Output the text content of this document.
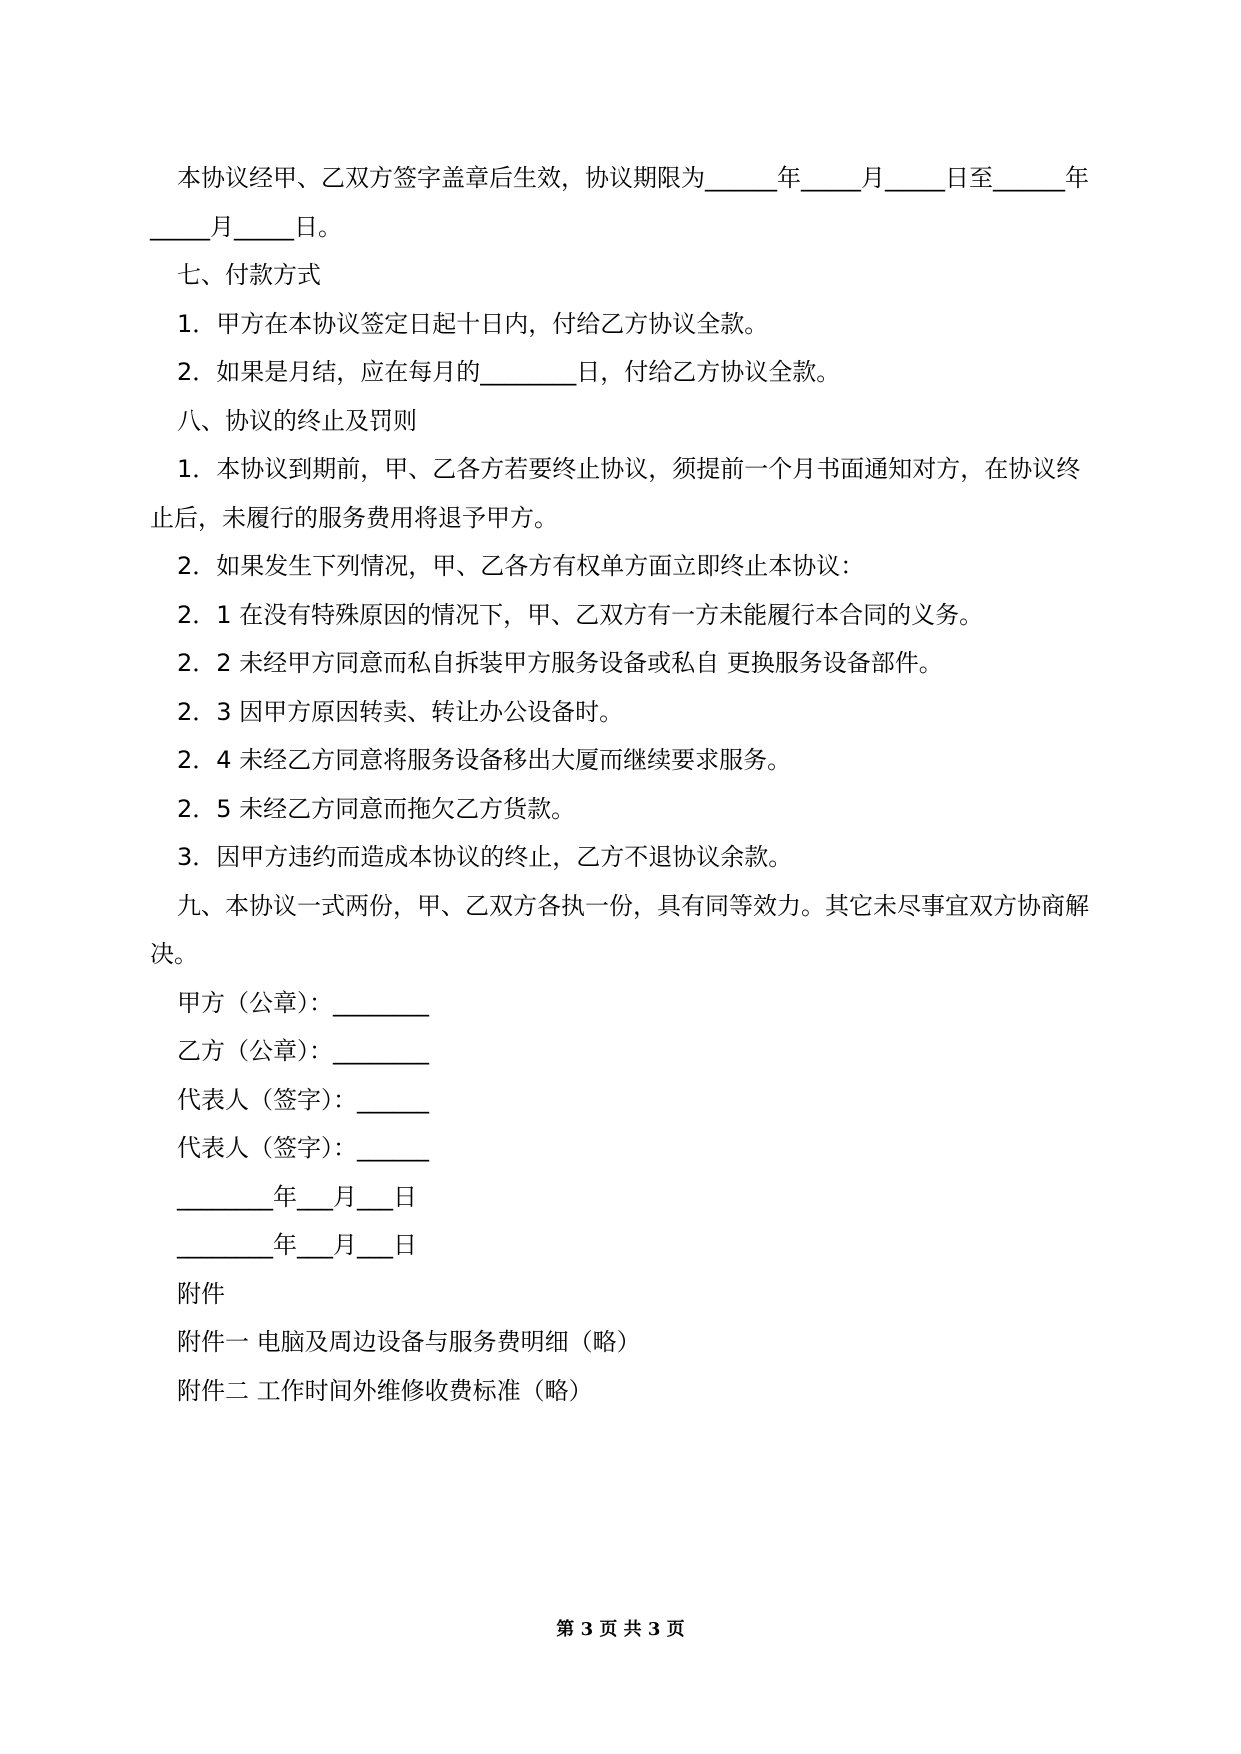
本协议经甲、乙双方签字盖章后生效，协议期限为______年_____月_____日至______年_____月_____日。

七、付款方式

1．甲方在本协议签定日起十日内，付给乙方协议全款。

2．如果是月结，应在每月的________日，付给乙方协议全款。

八、协议的终止及罚则

1．本协议到期前，甲、乙各方若要终止协议，须提前一个月书面通知对方，在协议终止后，未履行的服务费用将退予甲方。

2．如果发生下列情况，甲、乙各方有权单方面立即终止本协议：

2．1 在没有特殊原因的情况下，甲、乙双方有一方未能履行本合同的义务。

2．2 未经甲方同意而私自拆装甲方服务设备或私自 更换服务设备部件。

2．3 因甲方原因转卖、转让办公设备时。

2．4 未经乙方同意将服务设备移出大厦而继续要求服务。

2．5 未经乙方同意而拖欠乙方货款。

3．因甲方违约而造成本协议的终止，乙方不退协议余款。

九、本协议一式两份，甲、乙双方各执一份，具有同等效力。其它未尽事宜双方协商解决。

甲方（公章）：________

乙方（公章）：________

代表人（签字）：______

代表人（签字）：______

________年___月___日

________年___月___日

附件

附件一 电脑及周边设备与服务费明细（略）

附件二 工作时间外维修收费标准（略）

第 3 页 共 3 页
